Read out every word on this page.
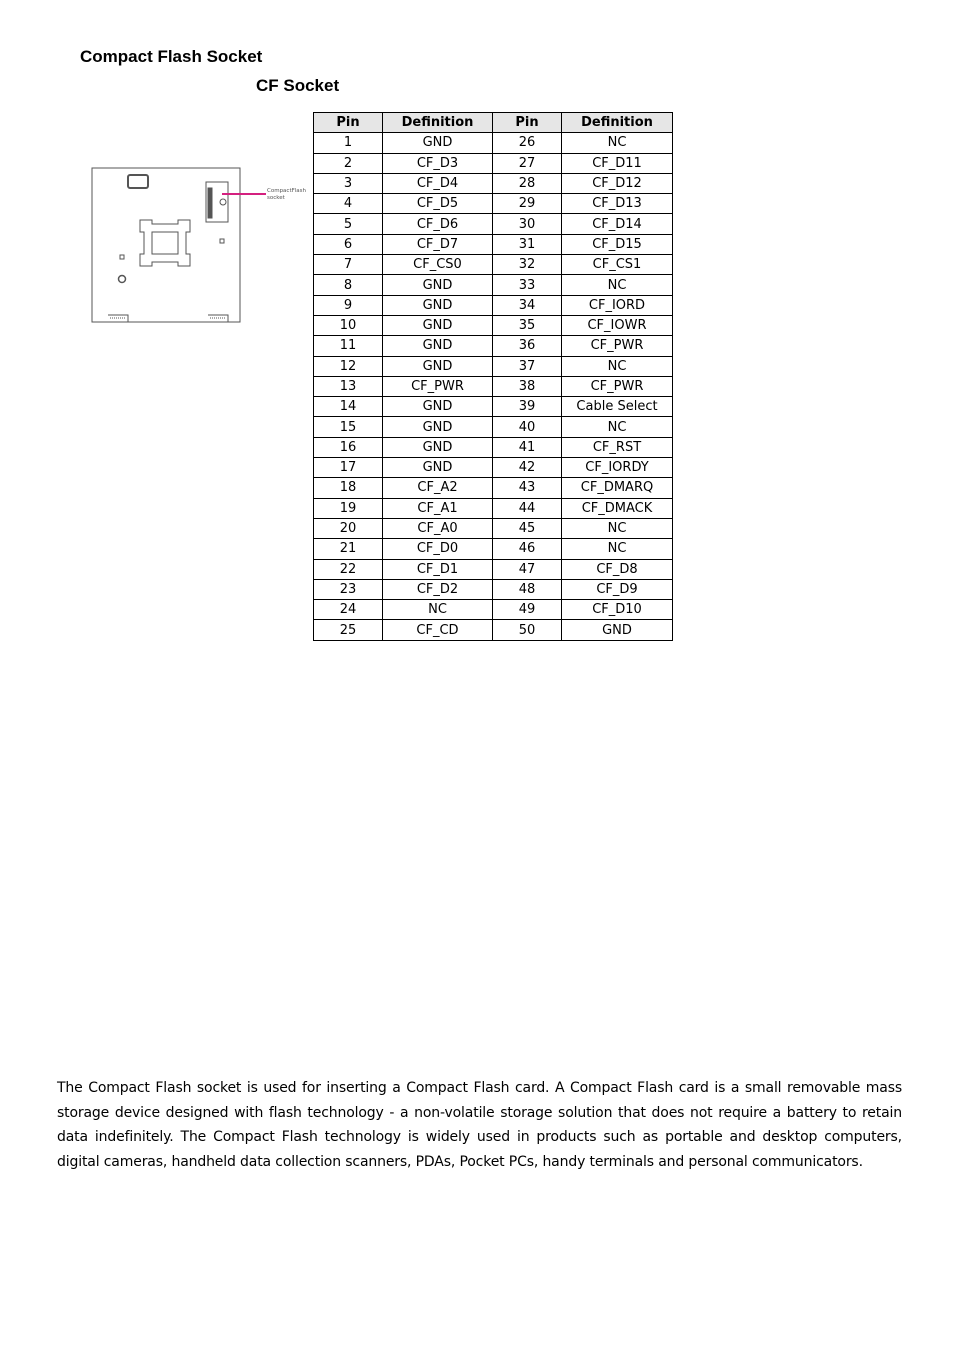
Compact Flash Socket
CF Socket
CompactFlash
socket
Pin	Definition	Pin	Definition
1	GND	26	NC
2	CF_D3	27	CF_D11
3	CF_D4	28	CF_D12
4	CF_D5	29	CF_D13
5	CF_D6	30	CF_D14
6	CF_D7	31	CF_D15
7	CF_CS0	32	CF_CS1
8	GND	33	NC
9	GND	34	CF_IORD
10	GND	35	CF_IOWR
11	GND	36	CF_PWR
12	GND	37	NC
13	CF_PWR	38	CF_PWR
14	GND	39	Cable Select
15	GND	40	NC
16	GND	41	CF_RST
17	GND	42	CF_IORDY
18	CF_A2	43	CF_DMARQ
19	CF_A1	44	CF_DMACK
20	CF_A0	45	NC
21	CF_D0	46	NC
22	CF_D1	47	CF_D8
23	CF_D2	48	CF_D9
24	NC	49	CF_D10
25	CF_CD	50	GND

The Compact Flash socket is used for inserting a Compact Flash card. A Compact Flash card is a small removable mass storage device designed with flash technology - a non-volatile storage solution that does not require a battery to retain data indefinitely. The Compact Flash technology is widely used in products such as portable and desktop computers, digital cameras, handheld data collection scanners, PDAs, Pocket PCs, handy terminals and personal communicators.
